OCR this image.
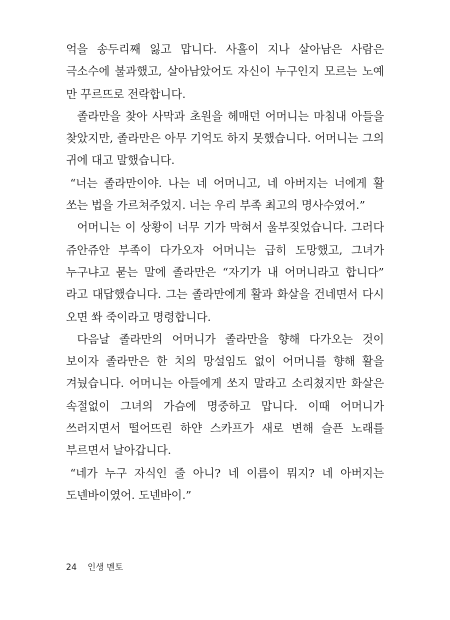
억을 송두리째 잃고 맙니다. 사흘이 지나 살아남은 사람은 극소수에 불과했고, 살아남았어도 자신이 누구인지 모르는 노예 만 꾸르뜨로 전락합니다.

졸라만을 찾아 사막과 초원을 헤매던 어머니는 마침내 아들을 찾았지만, 졸라만은 아무 기억도 하지 못했습니다. 어머니는 그의 귀에 대고 말했습니다.

“너는 졸라만이야. 나는 네 어머니고, 네 아버지는 너에게 활 쏘는 법을 가르쳐주었지. 너는 우리 부족 최고의 명사수였어.”

어머니는 이 상황이 너무 기가 막혀서 울부짖었습니다. 그러다 쥬안쥬안 부족이 다가오자 어머니는 급히 도망했고, 그녀가 누구냐고 묻는 말에 졸라만은 “자기가 내 어머니라고 합니다” 라고 대답했습니다. 그는 졸라만에게 활과 화살을 건네면서 다시 오면 쏴 죽이라고 명령합니다.

다음날 졸라만의 어머니가 졸라만을 향해 다가오는 것이 보이자 졸라만은 한 치의 망설임도 없이 어머니를 향해 활을 겨눴습니다. 어머니는 아들에게 쏘지 말라고 소리쳤지만 화살은 속절없이 그녀의 가슴에 명중하고 맙니다. 이때 어머니가 쓰러지면서 떨어뜨린 하얀 스카프가 새로 변해 슬픈 노래를 부르면서 날아갑니다.

“네가 누구 자식인 줄 아니? 네 이름이 뭐지? 네 아버지는 도넨바이였어. 도넨바이.”

24 인생 멘토
